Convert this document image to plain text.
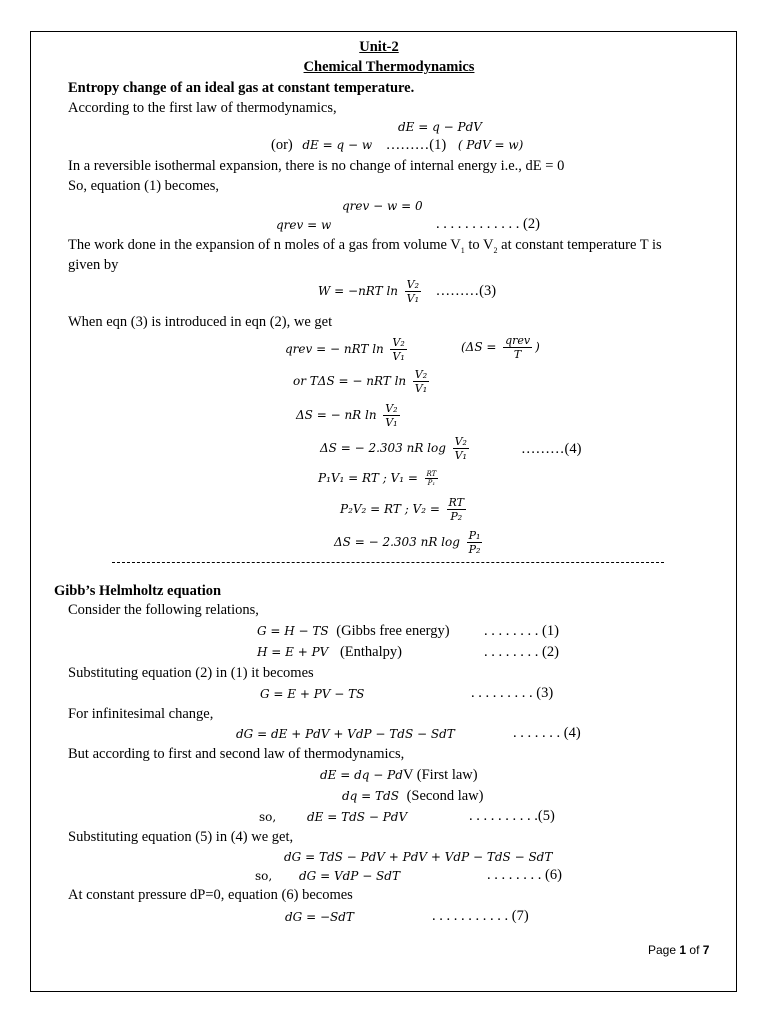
Unit-2
Chemical Thermodynamics
Entropy change of an ideal gas at constant temperature.
According to the first law of thermodynamics,
dE = q − PdV
(or) dE = q − w ………(1) ( PdV = w)
In a reversible isothermal expansion, there is no change of internal energy i.e., dE = 0
So, equation (1) becomes,
qrev − w = 0
qrev = w	. . . . . . . . . . . . (2)
The work done in the expansion of n moles of a gas from volume $V_1$ to $V_2$ at constant temperature T is
given by
W = −nRT $\ln \frac{\text{V₂}}{\text{V₁}}$ ………(3)
When eqn (3) is introduced in eqn (2), we get
qrev = − nRT $\ln \frac{\text{V₂}}{\text{V₁}}$	($\Delta S = \frac{\text{qrev}}{T}$ )
or TΔS = − nRT $\ln \frac{\text{V₂}}{\text{V₁}}$
ΔS = − nR $\ln \frac{\text{V₂}}{\text{V₁}}$
ΔS = − 2.303 nR $\log \frac{\text{V₂}}{\text{V₁}}$	………(4)
P₁V₁ = RT ; $V_1 = \frac{RT}{\text{P₁}}$
P₂V₂ = RT ; $V_2 = \frac{RT}{\text{P₂}}$
ΔS = − 2.303 nR $\log \frac{\text{P₁}}{\text{P₂}}$
Gibb’s Helmholtz equation
Consider the following relations,
G = H − TS (Gibbs free energy) . . . . . . . . (1)
H = E + PV (Enthalpy)	. . . . . . . . (2)
Substituting equation (2) in (1) it becomes
G = E + PV − TS	. . . . . . . . . (3)
For infinitesimal change,
dG = dE + PdV + VdP − TdS − SdT	. . . . . . . (4)
But according to first and second law of thermodynamics,
dE = dq − PdV (First law)
dq = TdS (Second law)
so,	dE = TdS − PdV	. . . . . . . . . .(5)
Substituting equation (5) in (4) we get,
dG = TdS − PdV + PdV + VdP − TdS − SdT
so, dG = VdP − SdT	. . . . . . . . (6)
At constant pressure dP=0, equation (6) becomes
dG = −SdT	. . . . . . . . . . . (7)
Page 1 of 7
